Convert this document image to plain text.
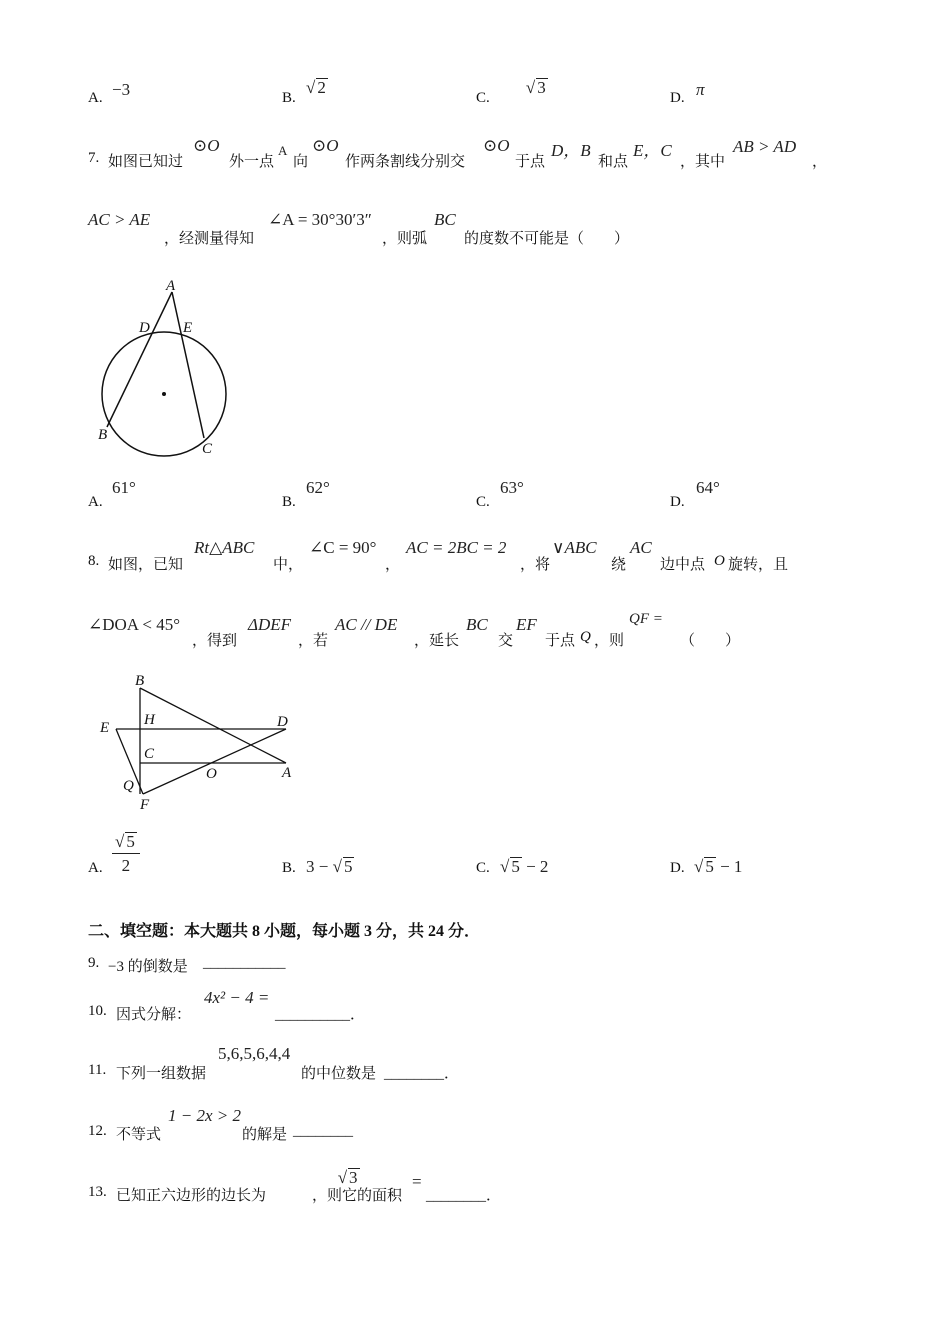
A. −3	B.
√ 2
C.
√ 3
D. π
7. 如图已知过
⊙O
外一点
A
向
⊙O
作两条割线分别交
⊙O
于点
D，B
和点
E，C
，其中
AB > AD
，
AC > AE
，经测量得知
∠A = 30°30′3″
，则弧
BC
的度数不可能是（　　）
A
D E
B
C
A.
61°
B.
62°
C.
63°
D.
64°
8. 如图，已知
Rt△ABC
中，
∠C = 90°
，
AC = 2BC = 2
，将
∨ABC
绕
AC
边中点 O 旋转，且
∠DOA < 45°
，得到
ΔDEF
，若
AC // DE
，延长
BC
交
EF
于点 Q ，则
QF =
（　　）
B
H	D
E
C
O	A
Q
F
A. $\frac{√ 5}{2}$	B. 3 − √ 5	C. √ 5 − 2	D. √ 5 − 1
二、填空题：本大题共 8 小题，每小题 3 分，共 24 分．
9. −3 的倒数是 ___________
10. 因式分解：
4x² − 4 =
__________．
11. 下列一组数据
5,6,5,6,4,4
的中位数是 ________．
12. 不等式
1 − 2x > 2
的解是 ________
13. 已知正六边形的边长为
√ 3
，则它的面积
=
________．
